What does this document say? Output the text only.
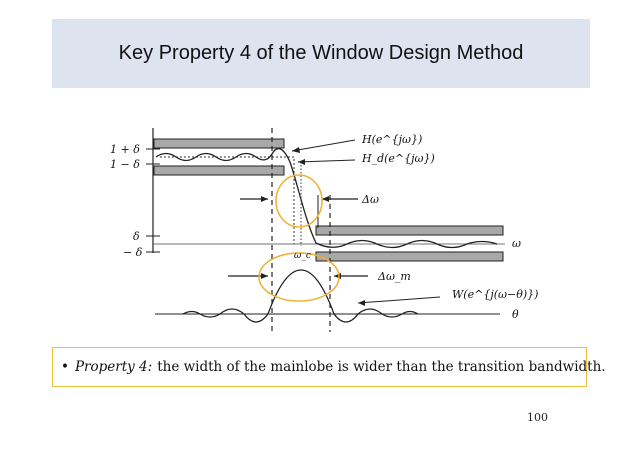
Key Property 4 of the Window Design Method
1 + δ
1 − δ
δ
− δ
H(e^{jω})
H_d(e^{jω})
Δω
Δω_m
ω
ω_c
W(e^{j(ω−θ)})
θ
• Property 4: the width of the mainlobe is wider than the transition bandwidth.
100
